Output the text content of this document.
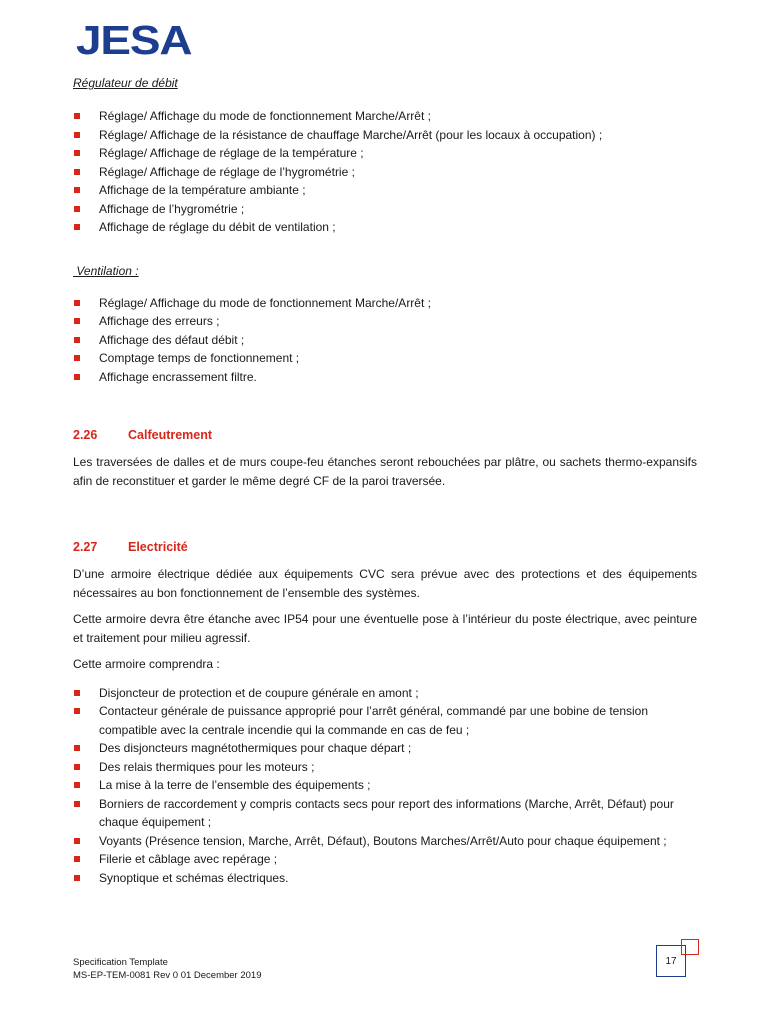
JESA

Régulateur de débit

Réglage/ Affichage du mode de fonctionnement Marche/Arrêt ;
Réglage/ Affichage de la résistance de chauffage Marche/Arrêt (pour les locaux à occupation) ;
Réglage/ Affichage de réglage de la température ;
Réglage/ Affichage de réglage de l’hygrométrie ;
Affichage de la température ambiante ;
Affichage de l’hygrométrie ;
Affichage de réglage du débit de ventilation ;

Ventilation :

Réglage/ Affichage du mode de fonctionnement Marche/Arrêt ;
Affichage des erreurs ;
Affichage des défaut débit ;
Comptage temps de fonctionnement ;
Affichage encrassement filtre.
2.26	Calfeutrement

Les traversées de dalles et de murs coupe-feu étanches seront rebouchées par plâtre, ou sachets thermo-expansifs afin de reconstituer et garder le même degré CF de la paroi traversée.

2.27	Electricité

D’une armoire électrique dédiée aux équipements CVC sera prévue avec des protections et des équipements nécessaires au bon fonctionnement de l’ensemble des systèmes.

Cette armoire devra être étanche avec IP54 pour une éventuelle pose à l’intérieur du poste électrique, avec peinture et traitement pour milieu agressif.

Cette armoire comprendra :

Disjoncteur de protection et de coupure générale en amont ;
Contacteur générale de puissance approprié pour l’arrêt général, commandé par une bobine de tension compatible avec la centrale incendie qui la commande en cas de feu ;
Des disjoncteurs magnétothermiques pour chaque départ ;
Des relais thermiques pour les moteurs ;
La mise à la terre de l’ensemble des équipements ;
Borniers de raccordement y compris contacts secs pour report des informations (Marche, Arrêt, Défaut) pour chaque équipement ;
Voyants (Présence tension, Marche, Arrêt, Défaut), Boutons Marches/Arrêt/Auto pour chaque équipement ;
Filerie et câblage avec repérage ;
Synoptique et schémas électriques.
Specification Template
MS-EP-TEM-0081 Rev 0 01 December 2019
17
